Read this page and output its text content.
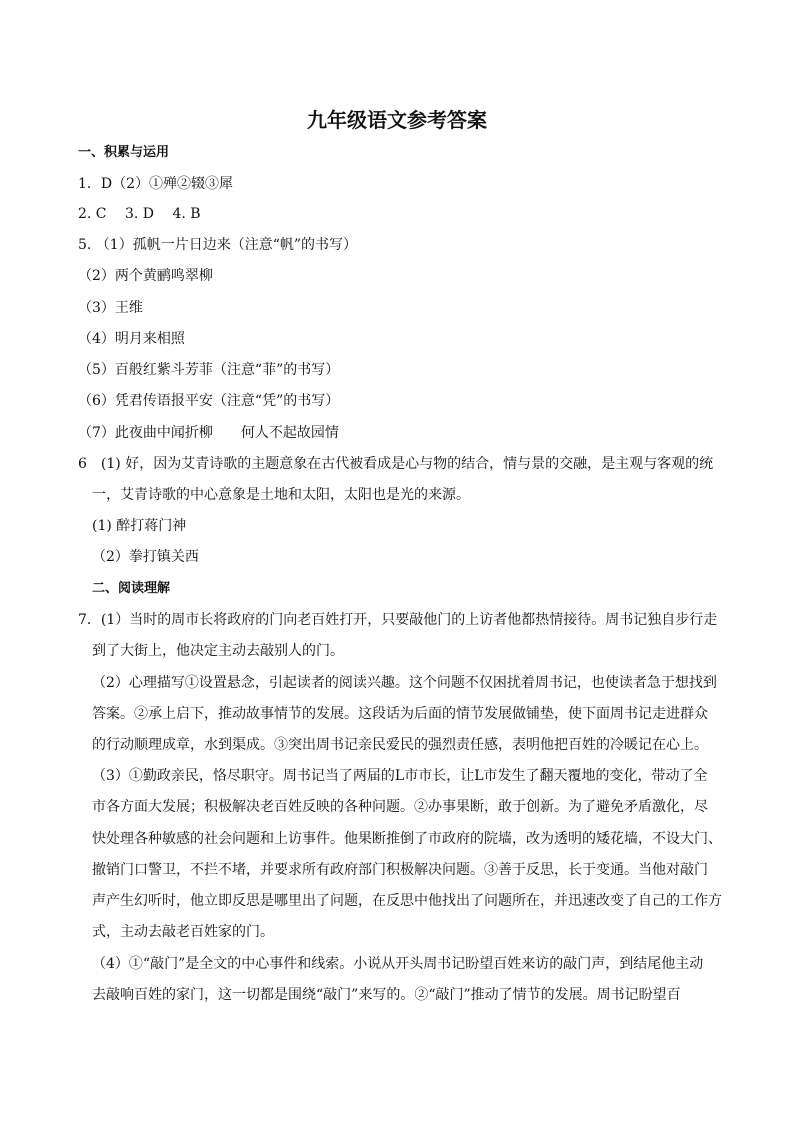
九年级语文参考答案
一、积累与运用
1．D（2）①殚②辍③犀
2. C　 3. D　 4. B
5. （1）孤帆一片日边来（注意“帆”的书写）
（2）两个黄鹂鸣翠柳
（3）王维
（4）明月来相照
（5）百般红紫斗芳菲（注意“菲”的书写）
（6）凭君传语报平安（注意“凭”的书写）
（7）此夜曲中闻折柳　　何人不起故园情
6　(1) 好，因为艾青诗歌的主题意象在古代被看成是心与物的结合，情与景的交融，是主观与客观的统
一，艾青诗歌的中心意象是土地和太阳，太阳也是光的来源。
(1) 醉打蒋门神
（2）拳打镇关西
二、阅读理解
7．(1）当时的周市长将政府的门向老百姓打开，只要敲他门的上访者他都热情接待。周书记独自步行走
到了大街上，他决定主动去敲别人的门。
（2）心理描写①设置悬念，引起读者的阅读兴趣。这个问题不仅困扰着周书记，也使读者急于想找到
答案。②承上启下，推动故事情节的发展。这段话为后面的情节发展做铺垫，使下面周书记走进群众
的行动顺理成章，水到渠成。③突出周书记亲民爱民的强烈责任感，表明他把百姓的冷暖记在心上。
（3）①勤政亲民，恪尽职守。周书记当了两届的L市市长，让L市发生了翻天覆地的变化，带动了全
市各方面大发展；积极解决老百姓反映的各种问题。②办事果断，敢于创新。为了避免矛盾激化，尽
快处理各种敏感的社会问题和上访事件。他果断推倒了市政府的院墙，改为透明的矮花墙，不设大门、
撤销门口警卫，不拦不堵，并要求所有政府部门积极解决问题。③善于反思，长于变通。当他对敲门
声产生幻听时，他立即反思是哪里出了问题，在反思中他找出了问题所在，并迅速改变了自己的工作方
式，主动去敲老百姓家的门。
（4）①“敲门”是全文的中心事件和线索。小说从开头周书记盼望百姓来访的敲门声，到结尾他主动
去敲响百姓的家门，这一切都是围绕“敲门”来写的。②“敲门”推动了情节的发展。周书记盼望百
